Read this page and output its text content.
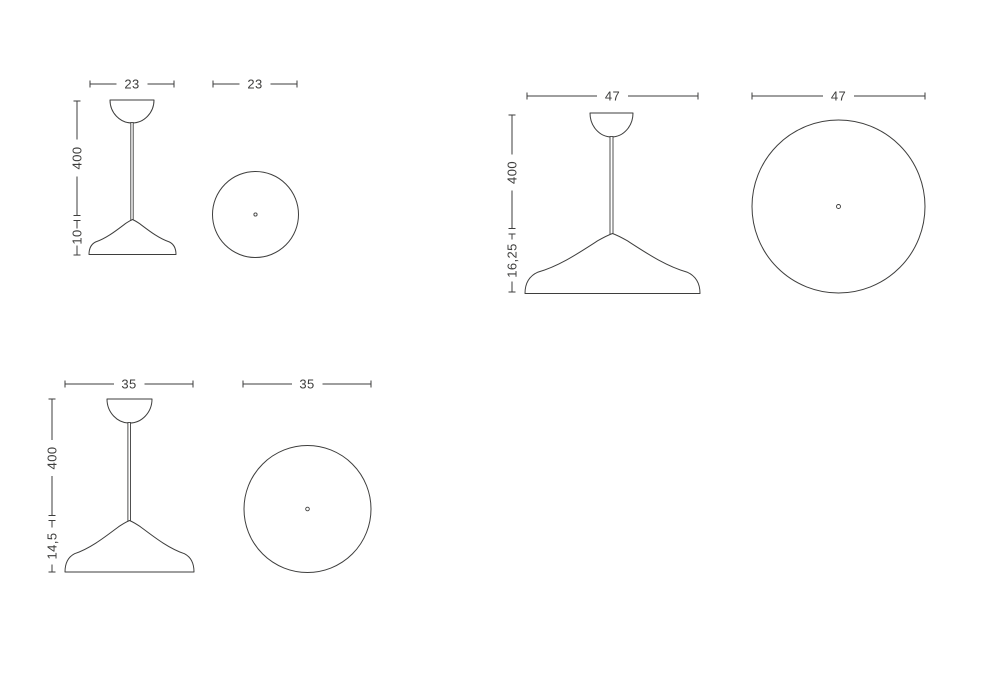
23
400
10
23
47
400
16,25
47
35
400
14,5
35
